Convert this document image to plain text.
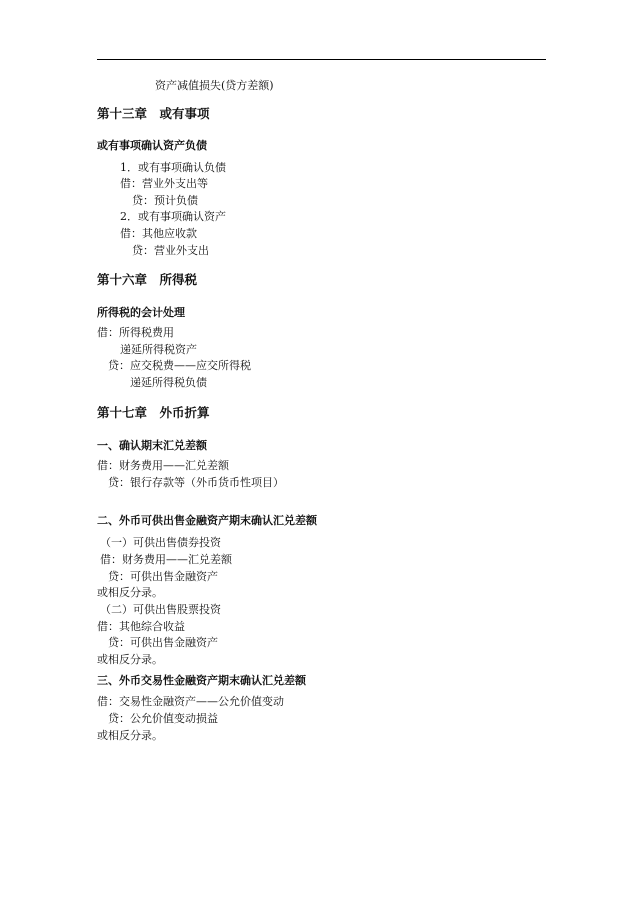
资产减值损失(贷方差额)
第十三章　或有事项
或有事项确认资产负债
1．或有事项确认负债
借：营业外支出等
贷：预计负债
2．或有事项确认资产
借：其他应收款
贷：营业外支出
第十六章　所得税
所得税的会计处理
借：所得税费用
递延所得税资产
贷：应交税费——应交所得税
递延所得税负债
第十七章　外币折算
一、确认期末汇兑差额
借：财务费用——汇兑差额
贷：银行存款等（外币货币性项目）
二、外币可供出售金融资产期末确认汇兑差额
（一）可供出售债券投资
借：财务费用——汇兑差额
贷：可供出售金融资产
或相反分录。
（二）可供出售股票投资
借：其他综合收益
贷：可供出售金融资产
或相反分录。
三、外币交易性金融资产期末确认汇兑差额
借：交易性金融资产——公允价值变动
贷：公允价值变动损益
或相反分录。
